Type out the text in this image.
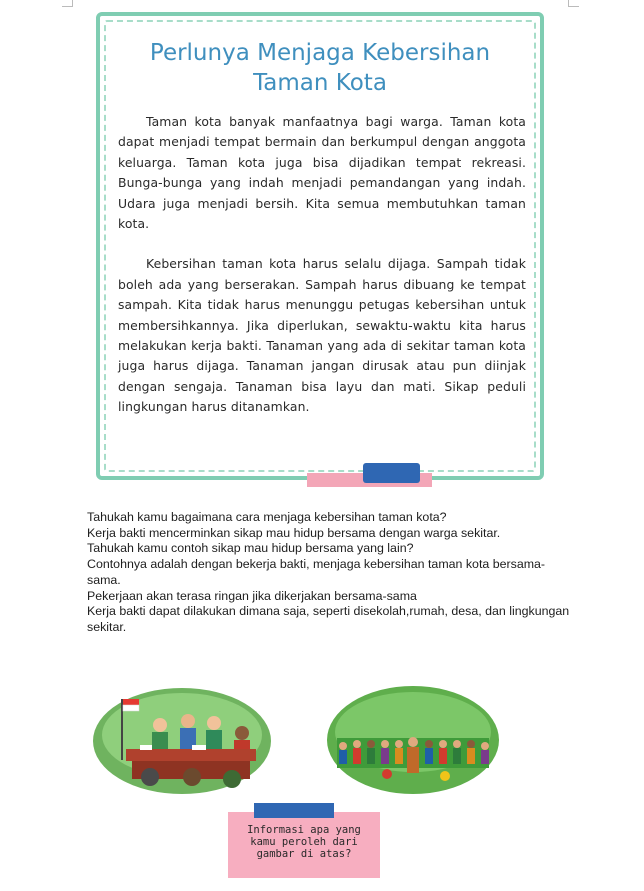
Perlunya Menjaga Kebersihan
Taman Kota

Taman kota banyak manfaatnya bagi warga. Taman kota dapat menjadi tempat bermain dan berkumpul dengan anggota keluarga. Taman kota juga bisa dijadikan tempat rekreasi. Bunga-bunga yang indah menjadi pemandangan yang indah. Udara juga menjadi bersih. Kita semua membutuhkan taman kota.

Kebersihan taman kota harus selalu dijaga. Sampah tidak boleh ada yang berserakan. Sampah harus dibuang ke tempat sampah. Kita tidak harus menunggu petugas kebersihan untuk membersihkannya. Jika diperlukan, sewaktu-waktu kita harus melakukan kerja bakti. Tanaman yang ada di sekitar taman kota juga harus dijaga. Tanaman jangan dirusak atau pun diinjak dengan sengaja. Tanaman bisa layu dan mati. Sikap peduli lingkungan harus ditanamkan.

Tahukah kamu bagaimana cara menjaga kebersihan taman kota?
Kerja bakti mencerminkan sikap mau hidup bersama dengan warga sekitar.
Tahukah kamu contoh sikap mau hidup bersama yang lain?
Contohnya adalah dengan bekerja bakti, menjaga kebersihan taman kota bersama-
sama.
Pekerjaan akan terasa ringan jika dikerjakan bersama-sama
Kerja bakti dapat dilakukan dimana saja, seperti disekolah,rumah, desa, dan lingkungan
sekitar.
Informasi apa yang
kamu peroleh dari
gambar di atas?
